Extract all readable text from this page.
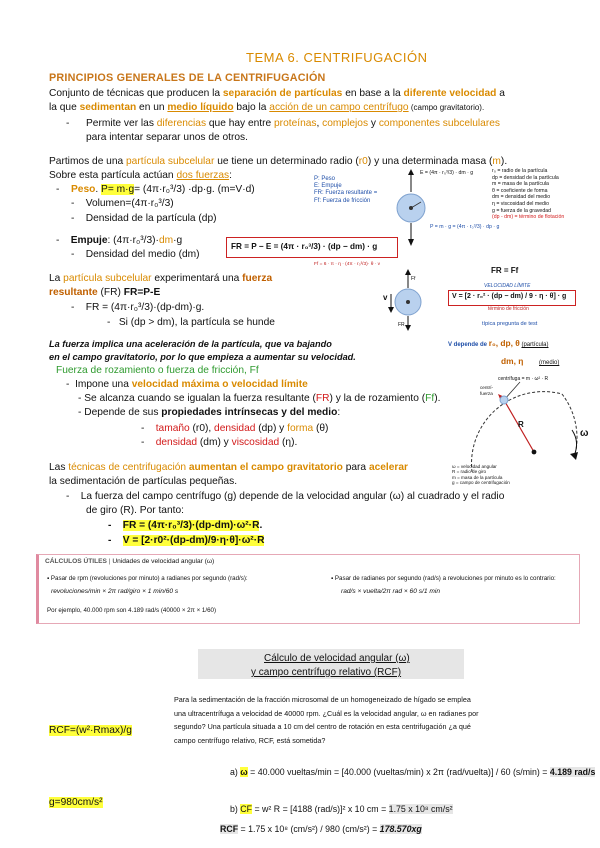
TEMA 6. CENTRIFUGACIÓN
PRINCIPIOS GENERALES DE LA CENTRIFUGACIÓN
Conjunto de técnicas que producen la separación de partículas en base a la diferente velocidad a
la que sedimentan en un medio líquido bajo la acción de un campo centrífugo (campo gravitatorio).
- Permite ver las diferencias que hay entre proteínas, complejos y componentes subcelulares
para intentar separar unos de otros.
Partimos de una partícula subcelular ue tiene un determinado radio (r0) y una determinada masa (m).
Sobre esta partícula actúan dos fuerzas:
- Peso. P= m·g= (4π·r₀³/3) ·dp·g. (m=V·d)
-    Volumen=(4π·r₀³/3)
-    Densidad de la partícula (dp)
-    Empuje: (4π·r₀³/3)·dm·g
-    Densidad del medio (dm)
La partícula subcelular experimentará una fuerza
resultante (FR) FR=P-E
-    FR = (4π·r₀³/3)·(dp-dm)·g.
-   Si (dp > dm), la partícula se hunde
La fuerza implica una aceleración de la partícula, que va bajando
en el campo gravitatorio, por lo que empieza a aumentar su velocidad.
Fuerza de rozamiento o fuerza de fricción, Ff
-  Impone una velocidad máxima o velocidad límite
- Se alcanza cuando se igualan la fuerza resultante (FR) y la de rozamiento (Ff).
- Depende de sus propiedades intrínsecas y del medio:
-    tamaño (r0), densidad (dp) y forma (θ)
-    densidad (dm) y viscosidad (η).
Las técnicas de centrifugación aumentan el campo gravitatorio para acelerar
la sedimentación de partículas pequeñas.
-    La fuerza del campo centrífugo (g) depende de la velocidad angular (ω) al cuadrado y el radio
de giro (R). Por tanto:
-    FR = (4π·r₀³/3)·(dp-dm)·ω²·R.
-    V = [2·r0²·(dp-dm)/9·η·θ]·ω²·R
CÁLCULOS ÚTILES | Unidades de velocidad angular (ω)
▪ Pasar de rpm (revoluciones por minuto) a radianes por segundo (rad/s):
revoluciones/min × 2π rad/giro × 1 min/60 s
Por ejemplo, 40.000 rpm son 4.189 rad/s (40000 × 2π × 1/60)
▪ Pasar de radianes por segundo (rad/s) a revoluciones por minuto es lo contrario:
rad/s × vuelta/2π rad × 60 s/1 min
Cálculo de velocidad angular (ω)
y campo centrífugo relativo (RCF)
RCF=(w²·Rmax)/g
g=980cm/s²
Para la sedimentación de la fracción microsomal de un homogeneizado de hígado se emplea
una ultracentrífuga a velocidad de 40000 rpm. ¿Cuál es la velocidad angular, ω en radianes por
segundo? Una partícula situada a 10 cm del centro de rotación en esta centrifugación ¿a qué
campo centrífugo relativo, RCF, está sometida?
a) ω = 40.000 vueltas/min = [40.000 (vueltas/min) x 2π (rad/vuelta)] / 60 (s/min) = 4.189 rad/s
b) CF = w² R = [4188 (rad/s)]² x 10 cm = 1.75 x 10⁸ cm/s²
RCF = 1.75 x 10⁸ (cm/s²) / 980 (cm/s²) = 178.570xg
P: Peso
E: Empuje
FR: Fuerza resultante =
Ff: Fuerza de fricción
E = (4π · r₀³/3) · dm · g
P = m · g = (4π · r₀³/3) · dp · g
r₀ = radio de la partícula
dp = densidad de la partícula
m = masa de la partícula
θ = coeficiente de forma
dm = densidad del medio
η = viscosidad del medio
g = fuerza de la gravedad
(dp - dm) = término de flotación
FR = P − E = (4π · r₀³/3) · (dp − dm) · g
Ff = 6 · π · η · (4π · r₀³/3)· θ · v
v
Ff
FR
FR = Ff
VELOCIDAD LÍMITE
V = [2 · r₀² · (dp − dm) / 9 · η · θ] · g
término de fricción
típica pregunta de test
V depende de r₀, dp, θ (partícula)
dm, η	(medio)
centrífuga = m · ω² · R
centrí-
fuerza
R
ω
ω = velocidad angular
R = radio de giro
m = masa de la partícula
g = campo de centrifugación
